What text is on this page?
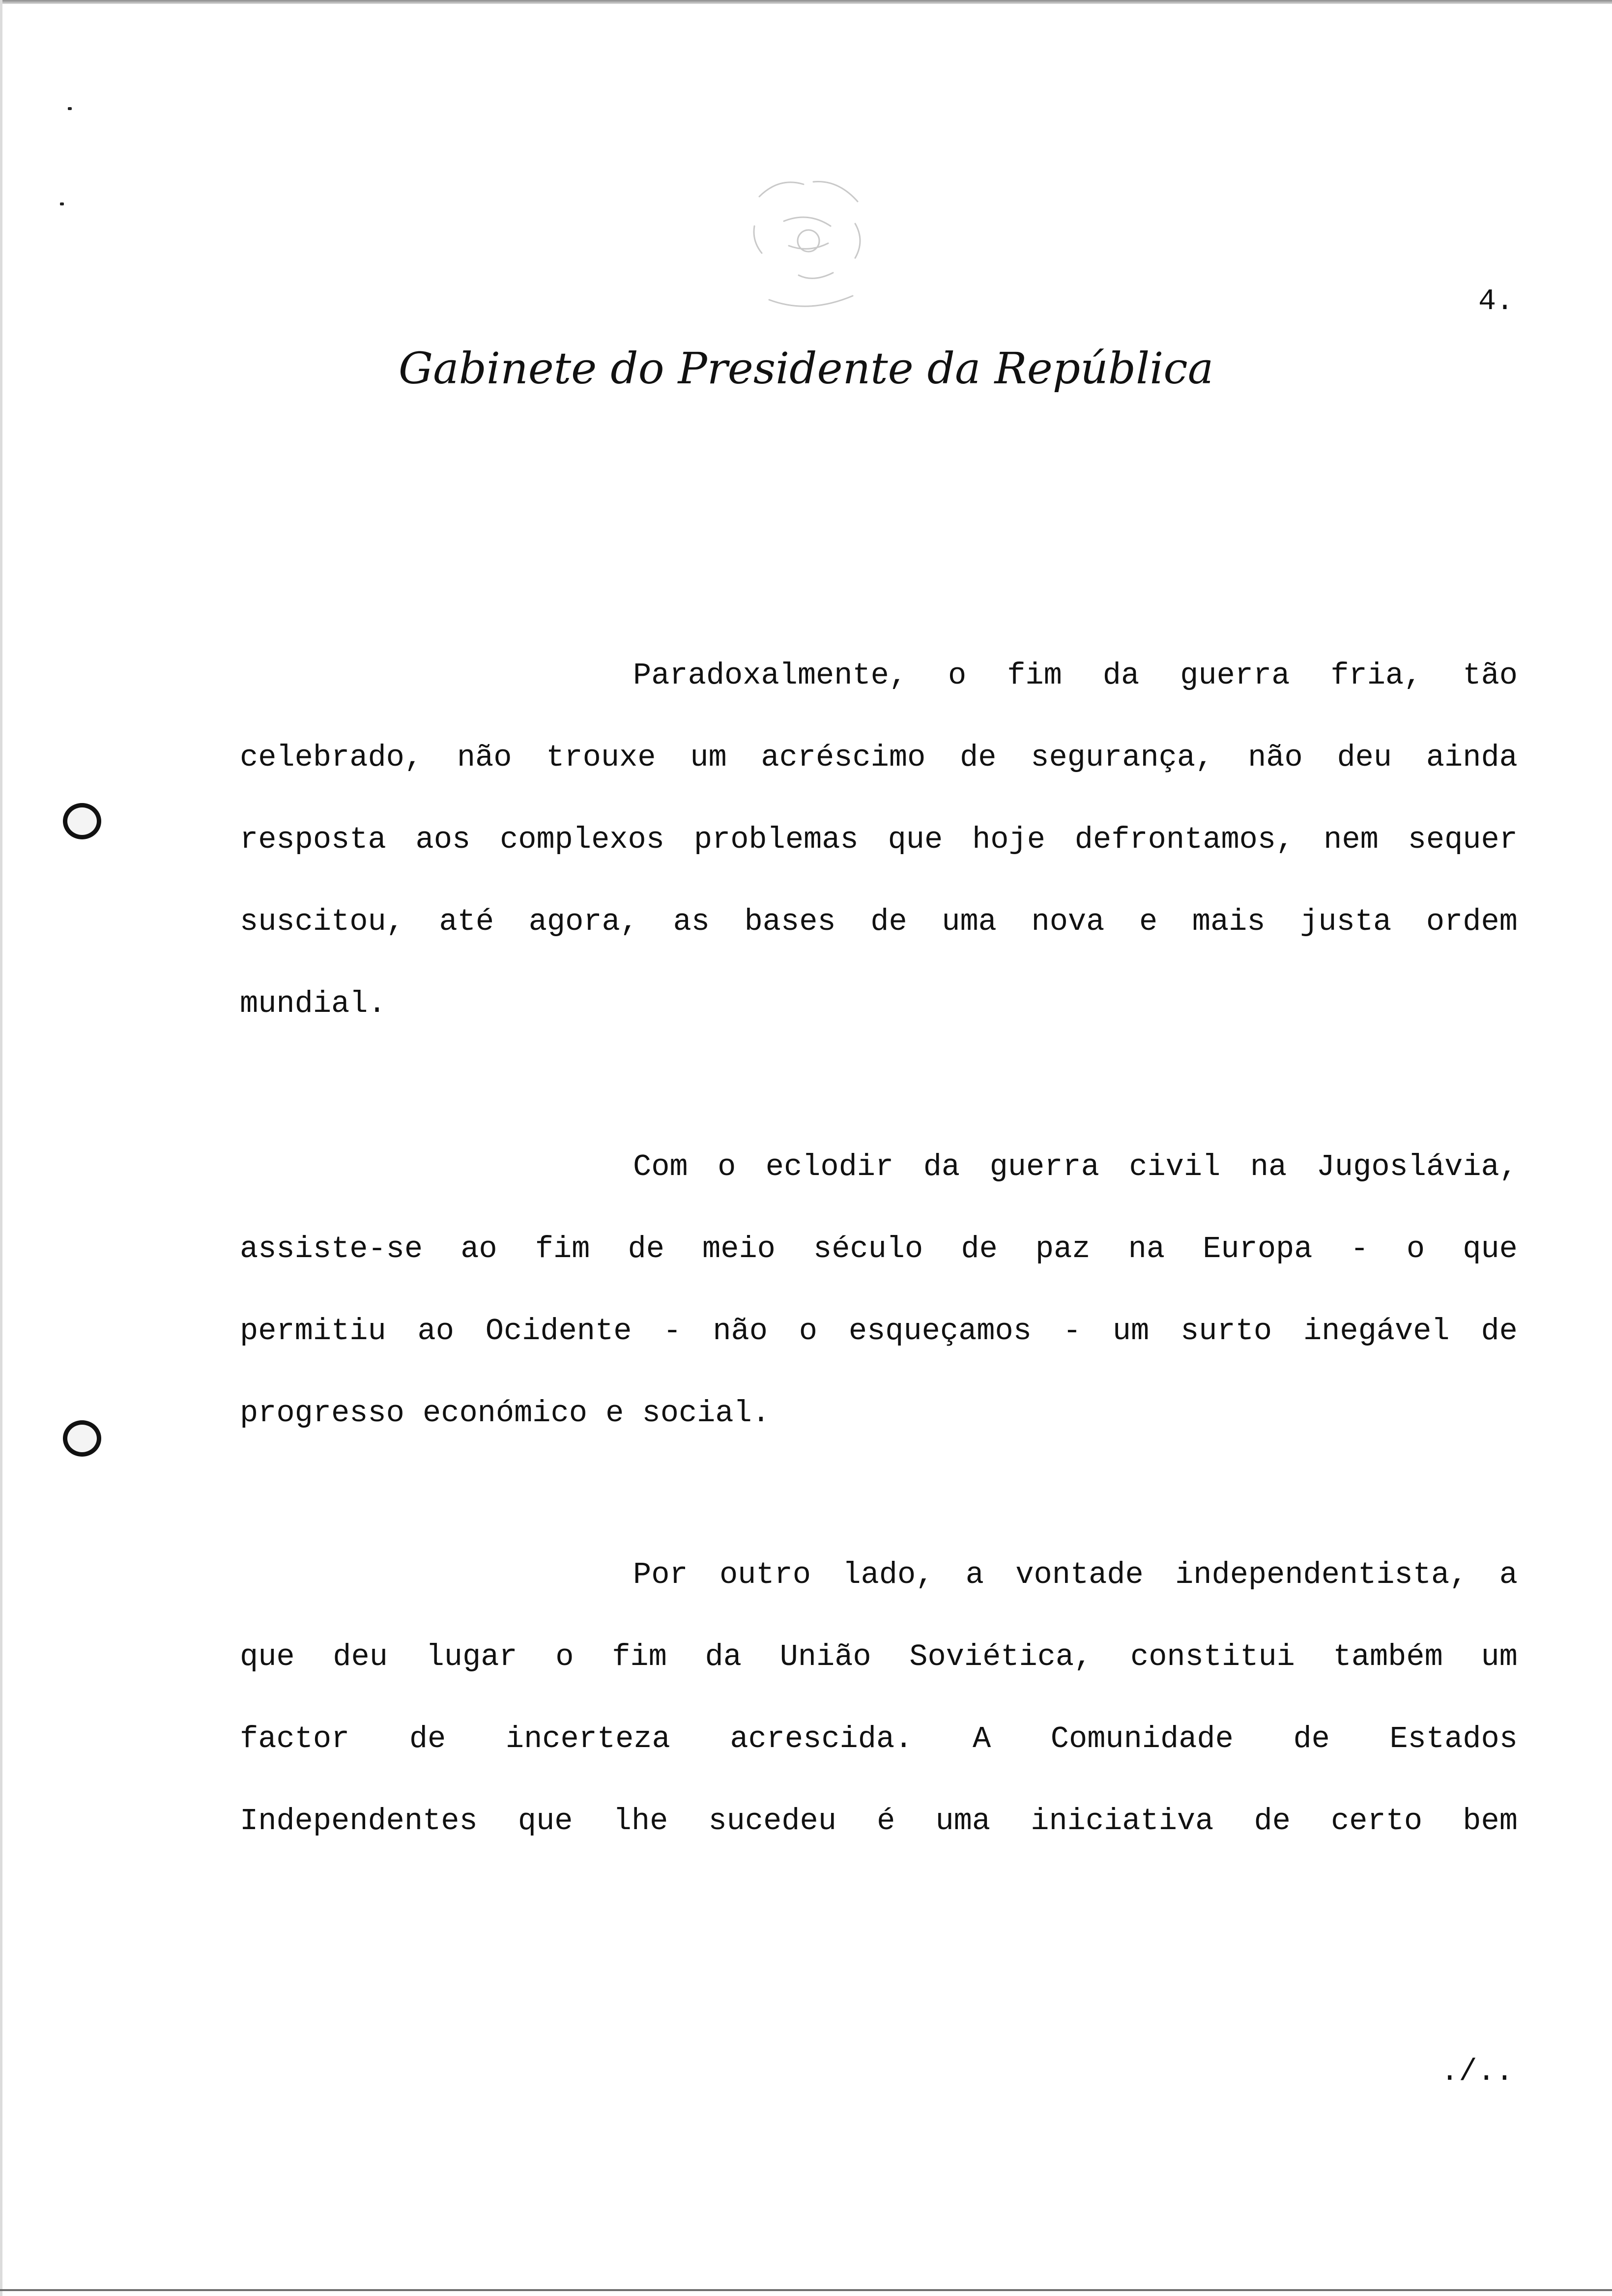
4.
Gabinete do Presidente da República
Paradoxalmente, o fim da guerra fria, tão
celebrado, não trouxe um acréscimo de segurança, não deu ainda
resposta aos complexos problemas que hoje defrontamos, nem sequer
suscitou, até agora, as bases de uma nova e mais justa ordem
mundial.
Com o eclodir da guerra civil na Jugoslávia,
assiste-se ao fim de meio século de paz na Europa - o que
permitiu ao Ocidente - não o esqueçamos - um surto inegável de
progresso económico e social.
Por outro lado, a vontade independentista, a
que deu lugar o fim da União Soviética, constitui também um
factor de incerteza acrescida. A Comunidade de Estados
Independentes que lhe sucedeu é uma iniciativa de certo bem
./..
